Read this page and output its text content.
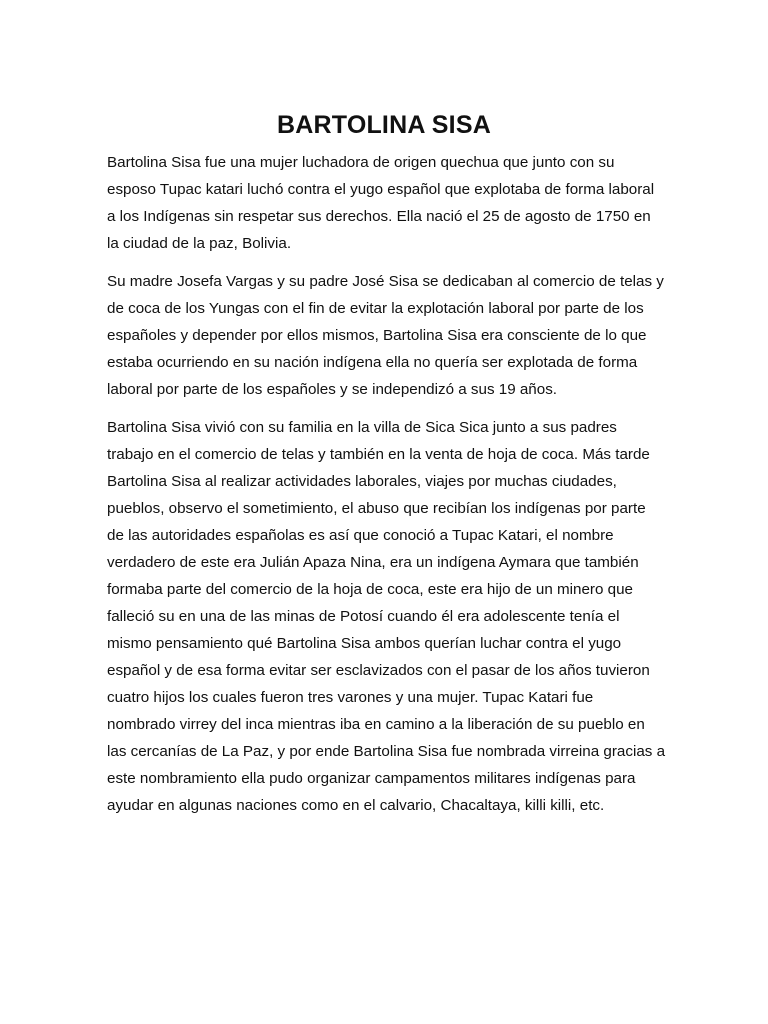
BARTOLINA SISA

Bartolina Sisa fue una mujer luchadora de origen quechua que junto con su
esposo Tupac katari luchó contra el yugo español que explotaba de forma laboral
a los Indígenas sin respetar sus derechos. Ella nació el 25 de agosto de 1750 en
la ciudad de la paz, Bolivia.

Su madre Josefa Vargas y su padre José Sisa se dedicaban al comercio de telas y
de coca de los Yungas con el fin de evitar la explotación laboral por parte de los
españoles y depender por ellos mismos, Bartolina Sisa era consciente de lo que
estaba ocurriendo en su nación indígena ella no quería ser explotada de forma
laboral por parte de los españoles y se independizó a sus 19 años.

Bartolina Sisa vivió con su familia en la villa de Sica Sica junto a sus padres
trabajo en el comercio de telas y también en la venta de hoja de coca. Más tarde
Bartolina Sisa al realizar actividades laborales, viajes por muchas ciudades,
pueblos, observo el sometimiento, el abuso que recibían los indígenas por parte
de las autoridades españolas es así que conoció a Tupac Katari, el nombre
verdadero de este era Julián Apaza Nina, era un indígena Aymara que también
formaba parte del comercio de la hoja de coca, este era hijo de un minero que
falleció su en una de las minas de Potosí cuando él era adolescente tenía el
mismo pensamiento qué Bartolina Sisa ambos querían luchar contra el yugo
español y de esa forma evitar ser esclavizados con el pasar de los años tuvieron
cuatro hijos los cuales fueron tres varones y una mujer. Tupac Katari fue
nombrado virrey del inca mientras iba en camino a la liberación de su pueblo en
las cercanías de La Paz, y por ende Bartolina Sisa fue nombrada virreina gracias a
este nombramiento ella pudo organizar campamentos militares indígenas para
ayudar en algunas naciones como en el calvario, Chacaltaya, killi killi, etc.
